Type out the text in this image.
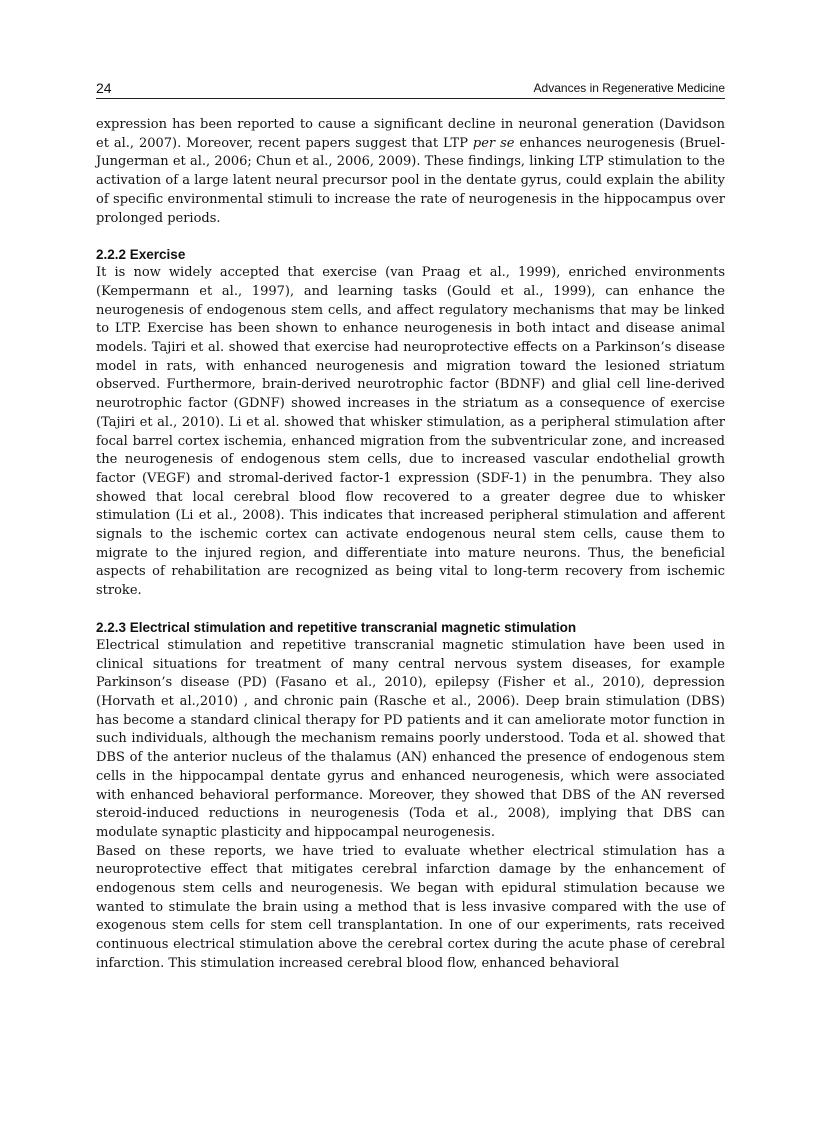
24	Advances in Regenerative Medicine

expression has been reported to cause a significant decline in neuronal generation (Davidson et al., 2007). Moreover, recent papers suggest that LTP per se enhances neurogenesis (Bruel-Jungerman et al., 2006; Chun et al., 2006, 2009). These findings, linking LTP stimulation to the activation of a large latent neural precursor pool in the dentate gyrus, could explain the ability of specific environmental stimuli to increase the rate of neurogenesis in the hippocampus over prolonged periods.

2.2.2 Exercise

It is now widely accepted that exercise (van Praag et al., 1999), enriched environments (Kempermann et al., 1997), and learning tasks (Gould et al., 1999), can enhance the neurogenesis of endogenous stem cells, and affect regulatory mechanisms that may be linked to LTP. Exercise has been shown to enhance neurogenesis in both intact and disease animal models. Tajiri et al. showed that exercise had neuroprotective effects on a Parkinson’s disease model in rats, with enhanced neurogenesis and migration toward the lesioned striatum observed. Furthermore, brain-derived neurotrophic factor (BDNF) and glial cell line-derived neurotrophic factor (GDNF) showed increases in the striatum as a consequence of exercise (Tajiri et al., 2010). Li et al. showed that whisker stimulation, as a peripheral stimulation after focal barrel cortex ischemia, enhanced migration from the subventricular zone, and increased the neurogenesis of endogenous stem cells, due to increased vascular endothelial growth factor (VEGF) and stromal-derived factor-1 expression (SDF-1) in the penumbra. They also showed that local cerebral blood flow recovered to a greater degree due to whisker stimulation (Li et al., 2008). This indicates that increased peripheral stimulation and afferent signals to the ischemic cortex can activate endogenous neural stem cells, cause them to migrate to the injured region, and differentiate into mature neurons. Thus, the beneficial aspects of rehabilitation are recognized as being vital to long-term recovery from ischemic stroke.

2.2.3 Electrical stimulation and repetitive transcranial magnetic stimulation

Electrical stimulation and repetitive transcranial magnetic stimulation have been used in clinical situations for treatment of many central nervous system diseases, for example Parkinson’s disease (PD) (Fasano et al., 2010), epilepsy (Fisher et al., 2010), depression (Horvath et al.,2010) , and chronic pain (Rasche et al., 2006). Deep brain stimulation (DBS) has become a standard clinical therapy for PD patients and it can ameliorate motor function in such individuals, although the mechanism remains poorly understood. Toda et al. showed that DBS of the anterior nucleus of the thalamus (AN) enhanced the presence of endogenous stem cells in the hippocampal dentate gyrus and enhanced neurogenesis, which were associated with enhanced behavioral performance. Moreover, they showed that DBS of the AN reversed steroid-induced reductions in neurogenesis (Toda et al., 2008), implying that DBS can modulate synaptic plasticity and hippocampal neurogenesis.

Based on these reports, we have tried to evaluate whether electrical stimulation has a neuroprotective effect that mitigates cerebral infarction damage by the enhancement of endogenous stem cells and neurogenesis. We began with epidural stimulation because we wanted to stimulate the brain using a method that is less invasive compared with the use of exogenous stem cells for stem cell transplantation. In one of our experiments, rats received continuous electrical stimulation above the cerebral cortex during the acute phase of cerebral infarction. This stimulation increased cerebral blood flow, enhanced behavioral
